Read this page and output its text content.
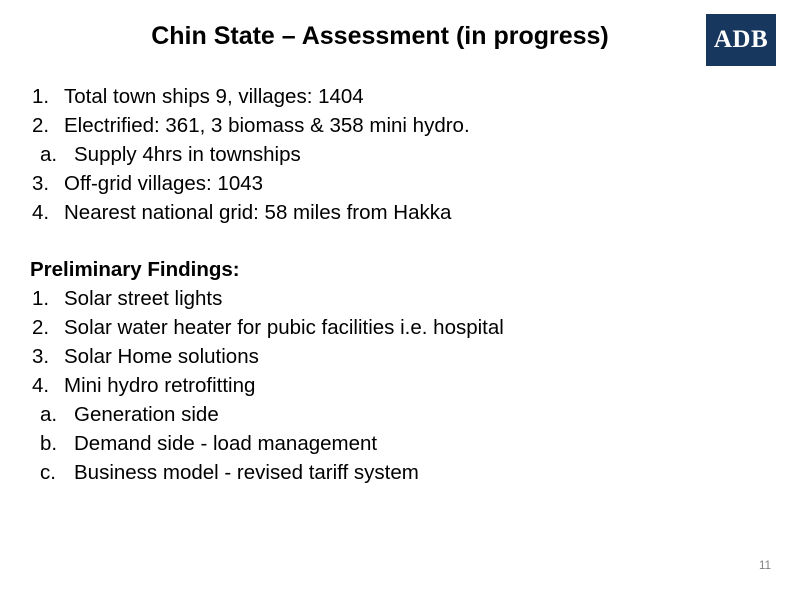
ADB
Chin State – Assessment (in progress)
1. Total town ships 9, villages: 1404
2. Electrified: 361, 3 biomass & 358 mini hydro.
a. Supply 4hrs in townships
3. Off-grid villages: 1043
4. Nearest national grid: 58 miles from Hakka
Preliminary Findings:
1. Solar street lights
2. Solar water heater for pubic facilities i.e. hospital
3. Solar Home solutions
4. Mini hydro retrofitting
a. Generation side
b. Demand side - load management
c. Business model - revised tariff system
11
